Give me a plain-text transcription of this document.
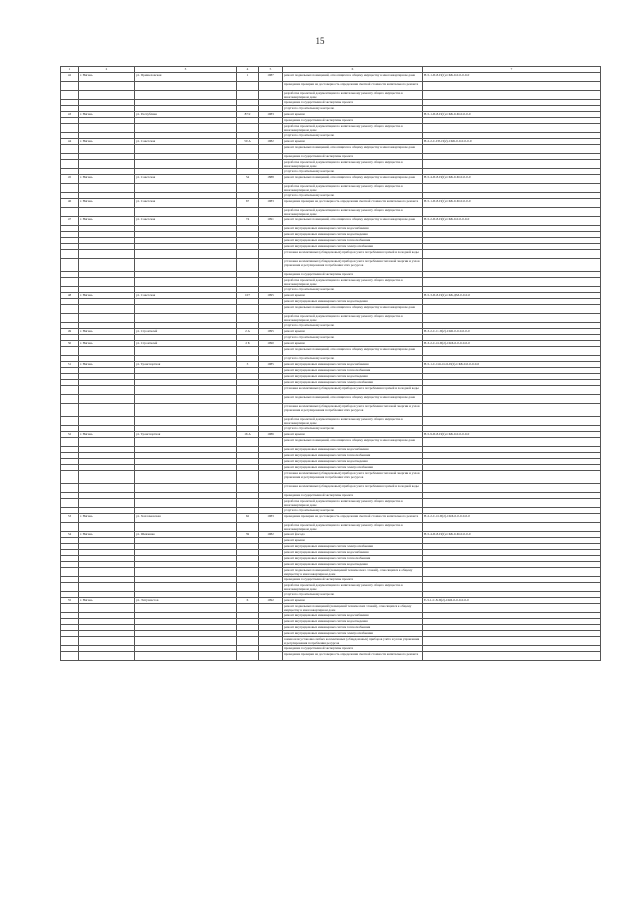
15
1	2	3	4	5	6	7
42	г. Нягань	ул. Пришеловская	1	1987	ремонт подвальных помещений, относящихся к общему имуществу в многоквартирном доме	Н-5-1-П-8-П(1)-СКБ-0-0-0-0-0-0
					проведение проверки на достоверность определения сметной стоимости капитального ремонта	
					разработка проектной документации по капитальному ремонту общего имущества в многоквартирном доме	
					проведение государственной экспертизы проекта	
					услуги по строительному контролю	
43	г. Нягань	ул. Республика	87/2	1983	ремонт крыши	Н-5-1-П-8-П(1)-СКБ-0-М-0-0-0-0
					проведение государственной экспертизы проекта	
					разработка проектной документации по капитальному ремонту общего имущества в многоквартирном доме	
					услуги по строительному контролю	
44	г. Нягань	ул. Советская	50 А	1982	ремонт крыши	Н-2-2-С-П5-П(2)-СКБ-0-0-0-0-0-0
					ремонт подвальных помещений, относящихся к общему имуществу в многоквартирном доме	
					проведение государственной экспертизы проекта	
					разработка проектной документации по капитальному ремонту общего имущества в многоквартирном доме	
					услуги по строительному контролю	
45	г. Нягань	ул. Советская	54	1888	ремонт подвальных помещений, относящихся к общему имуществу в многоквартирном доме	Н-5-4-П-8-П(2)-СКБ-0-М-0-0-0-0
					разработка проектной документации по капитальному ремонту общего имущества в многоквартирном доме	
					услуги по строительному контролю	
46	г. Нягань	ул. Советская	67	1983	проведение проверки на достоверность определения сметной стоимости капитального ремонта	Н-5-1-П-8-П(1)-СКБ-0-М-0-0-0-0
					разработка проектной документации по капитальному ремонту общего имущества в многоквартирном доме	
47	г. Нягань	ул. Советская	74	1991	ремонт подвальных помещений, относящихся к общему имуществу в многоквартирном доме	Н-5-2-П-8-П(2)-СКБ-0-0-0-0-0-0
					ремонт внутридомовых инженерных систем водоснабжения	
					ремонт внутридомовых инженерных систем водоотведения	
					ремонт внутридомовых инженерных систем теплоснабжения	
					ремонт внутридомовых инженерных систем электроснабжения	
					установка коллективных (общедомовых) приборов учета потребления горячей и холодной воды	
					установка коллективных (общедомовых) приборов учета потребления тепловой энергии и узлов управления и регулирования потребления этих ресурсов	
					проведение государственной экспертизы проекта	
					разработка проектной документации по капитальному ремонту общего имущества в многоквартирном доме	
					услуги по строительному контролю	
48	г. Нягань	ул. Советская	107	1995	ремонт крыши	Н-5-3-П-8-П(2)-СКБ-ДМ-0-0-0-0
					ремонт внутридомовых инженерных систем водоотведения	
					ремонт подвальных помещений, относящихся к общему имуществу в многоквартирном доме	
					разработка проектной документации по капитальному ремонту общего имущества в многоквартирном доме	
					услуги по строительному контролю	
49	г. Нягань	ул. Строителей	2 А	1995	ремонт крыши	Н-3-2-С-С-П(2)-СКБ-0-0-0-0-0-0
					услуги по строительному контролю	
50	г. Нягань	ул. Строителей	2 Б	1990	ремонт крыши	Н-3-2-С-О-П(2)-СКБ-0-0-0-0-0-0
					ремонт подвальных помещений, относящихся к общему имуществу в многоквартирном доме	
					услуги по строительному контролю	
51	г. Нягань	ул. Транспортная	3	1985	ремонт внутридомовых инженерных систем водоснабжения	Н-5-1-С-Сm-О-О-П(2)-СКБ-0-0-0-0-0-0
					ремонт внутридомовых инженерных систем теплоснабжения	
					ремонт внутридомовых инженерных систем водоотведения	
					ремонт внутридомовых инженерных систем электроснабжения	
					установка коллективных (общедомовых) приборов учета потребления горячей и холодной воды	
					ремонт подвальных помещений, относящихся к общему имуществу в многоквартирном доме	
					установка коллективных (общедомовых) приборов учета потребления тепловой энергии и узлов управления и регулирования потребления этих ресурсов	
					разработка проектной документации по капитальному ремонту общего имущества в многоквартирном доме	
					услуги по строительному контролю	
52	г. Нягань	ул. Транспортная	16 А	1986	ремонт крыши	Н-5-9-П-8-П(2)-СКБ-0-0-0-0-0-0
					ремонт подвальных помещений, относящихся к общему имуществу в многоквартирном доме	
					ремонт внутридомовых инженерных систем водоснабжения	
					ремонт внутридомовых инженерных систем теплоснабжения	
					ремонт внутридомовых инженерных систем водоотведения	
					ремонт внутридомовых инженерных систем электроснабжения	
					установка коллективных (общедомовых) приборов учета потребления тепловой энергии и узлов управления и регулирования потребления этих ресурсов	
					установка коллективных (общедомовых) приборов учета потребления горячей и холодной воды	
					проведение государственной экспертизы проекта	
					разработка проектной документации по капитальному ремонту общего имущества в многоквартирном доме	
					услуги по строительному контролю	
53	г. Нягань	ул. Хохломовская	62	1983	проведение проверки на достоверность определения сметной стоимости капитального ремонта	Н-2-2-С-О-П(2)-СКБ-0-0-0-0-0-0
					разработка проектной документации по капитальному ремонту общего имущества в многоквартирном доме	
54	г. Нягань	ул. Шевченко	59	1982	ремонт фасада	Н-5-4-П-8-П(2)-СКБ-0-М-0-0-0-0
					ремонт крыши	
					ремонт внутридомовых инженерных систем электроснабжения	
					ремонт внутридомовых инженерных систем водоснабжения	
					ремонт внутридомовых инженерных систем теплоснабжения	
					ремонт внутридомовых инженерных систем водоотведения	
					ремонт подвальных помещений (помещений технического этажей), относящихся к общему имуществу в многоквартирном доме	
					проведение государственной экспертизы проекта	
					разработка проектной документации по капитальному ремонту общего имущества в многоквартирном доме	
					услуги по строительному контролю	
55	г. Нягань	ул. Энтузиастов	6	1992	ремонт крыши	Е-3-1-С-8-П(2)-СКБ-0-0-0-0-0-0
					ремонт подвальных помещений (помещений технических этажей), относящихся к общему имуществу в многоквартирном доме	
					ремонт внутридомовых инженерных систем водоснабжения	
					ремонт внутридомовых инженерных систем водоотведения	
					ремонт внутридомовых инженерных систем теплоснабжения	
					ремонт внутридомовых инженерных систем электроснабжения	
					замена или установка любых коллективных (общедомовых) приборов учёта и узлов управления и регулирования потребления ресурсов	
					проведение государственной экспертизы проекта	
					проведение проверки на достоверность определения сметной стоимости капитального ремонта	
